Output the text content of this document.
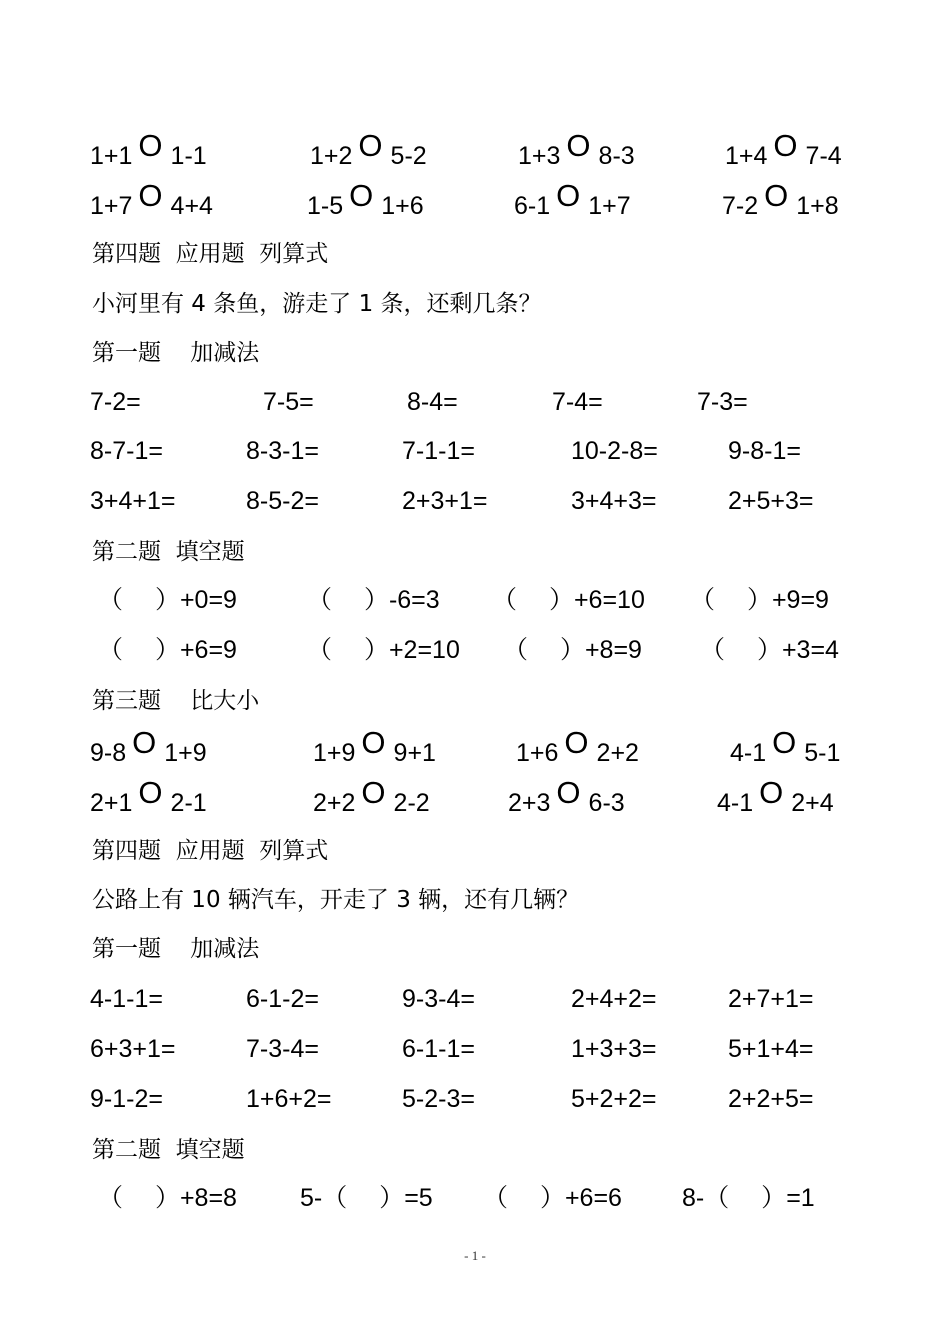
1+1 O 1-1	1+2 O 5-2	1+3 O 8-3	1+4 O 7-4
1+7 O 4+4	1-5 O 1+6	6-1 O 1+7	7-2 O 1+8
第四题  应用题  列算式
小河里有 4 条鱼，游走了 1 条，还剩几条？
第一题    加减法
7-2=	7-5=	8-4=	7-4=	7-3=
8-7-1=	8-3-1=	7-1-1=	10-2-8=	9-8-1=
3+4+1=	8-5-2=	2+3+1=	3+4+3=	2+5+3=
第二题  填空题
（　 ）+0=9	（　 ）-6=3 （　 ）+6=10 （　 ）+9=9
（　 ）+6=9	（　 ）+2=10 （　 ）+8=9 （　 ）+3=4
第三题    比大小
9-8 O 1+9	1+9 O 9+1	1+6 O 2+2	4-1 O 5-1
2+1 O 2-1	2+2 O 2-2	2+3 O 6-3	4-1 O 2+4
第四题  应用题  列算式
公路上有 10 辆汽车，开走了 3 辆，还有几辆？
第一题    加减法
4-1-1=	6-1-2=	9-3-4=	2+4+2=	2+7+1=
6+3+1=	7-3-4=	6-1-1=	1+3+3=	5+1+4=
9-1-2=	1+6+2=	5-2-3=	5+2+2=	2+2+5=
第二题  填空题
（　 ）+8=8	5-（　 ）=5 （　 ）+6=6 8-（　 ）=1
- 1 -
